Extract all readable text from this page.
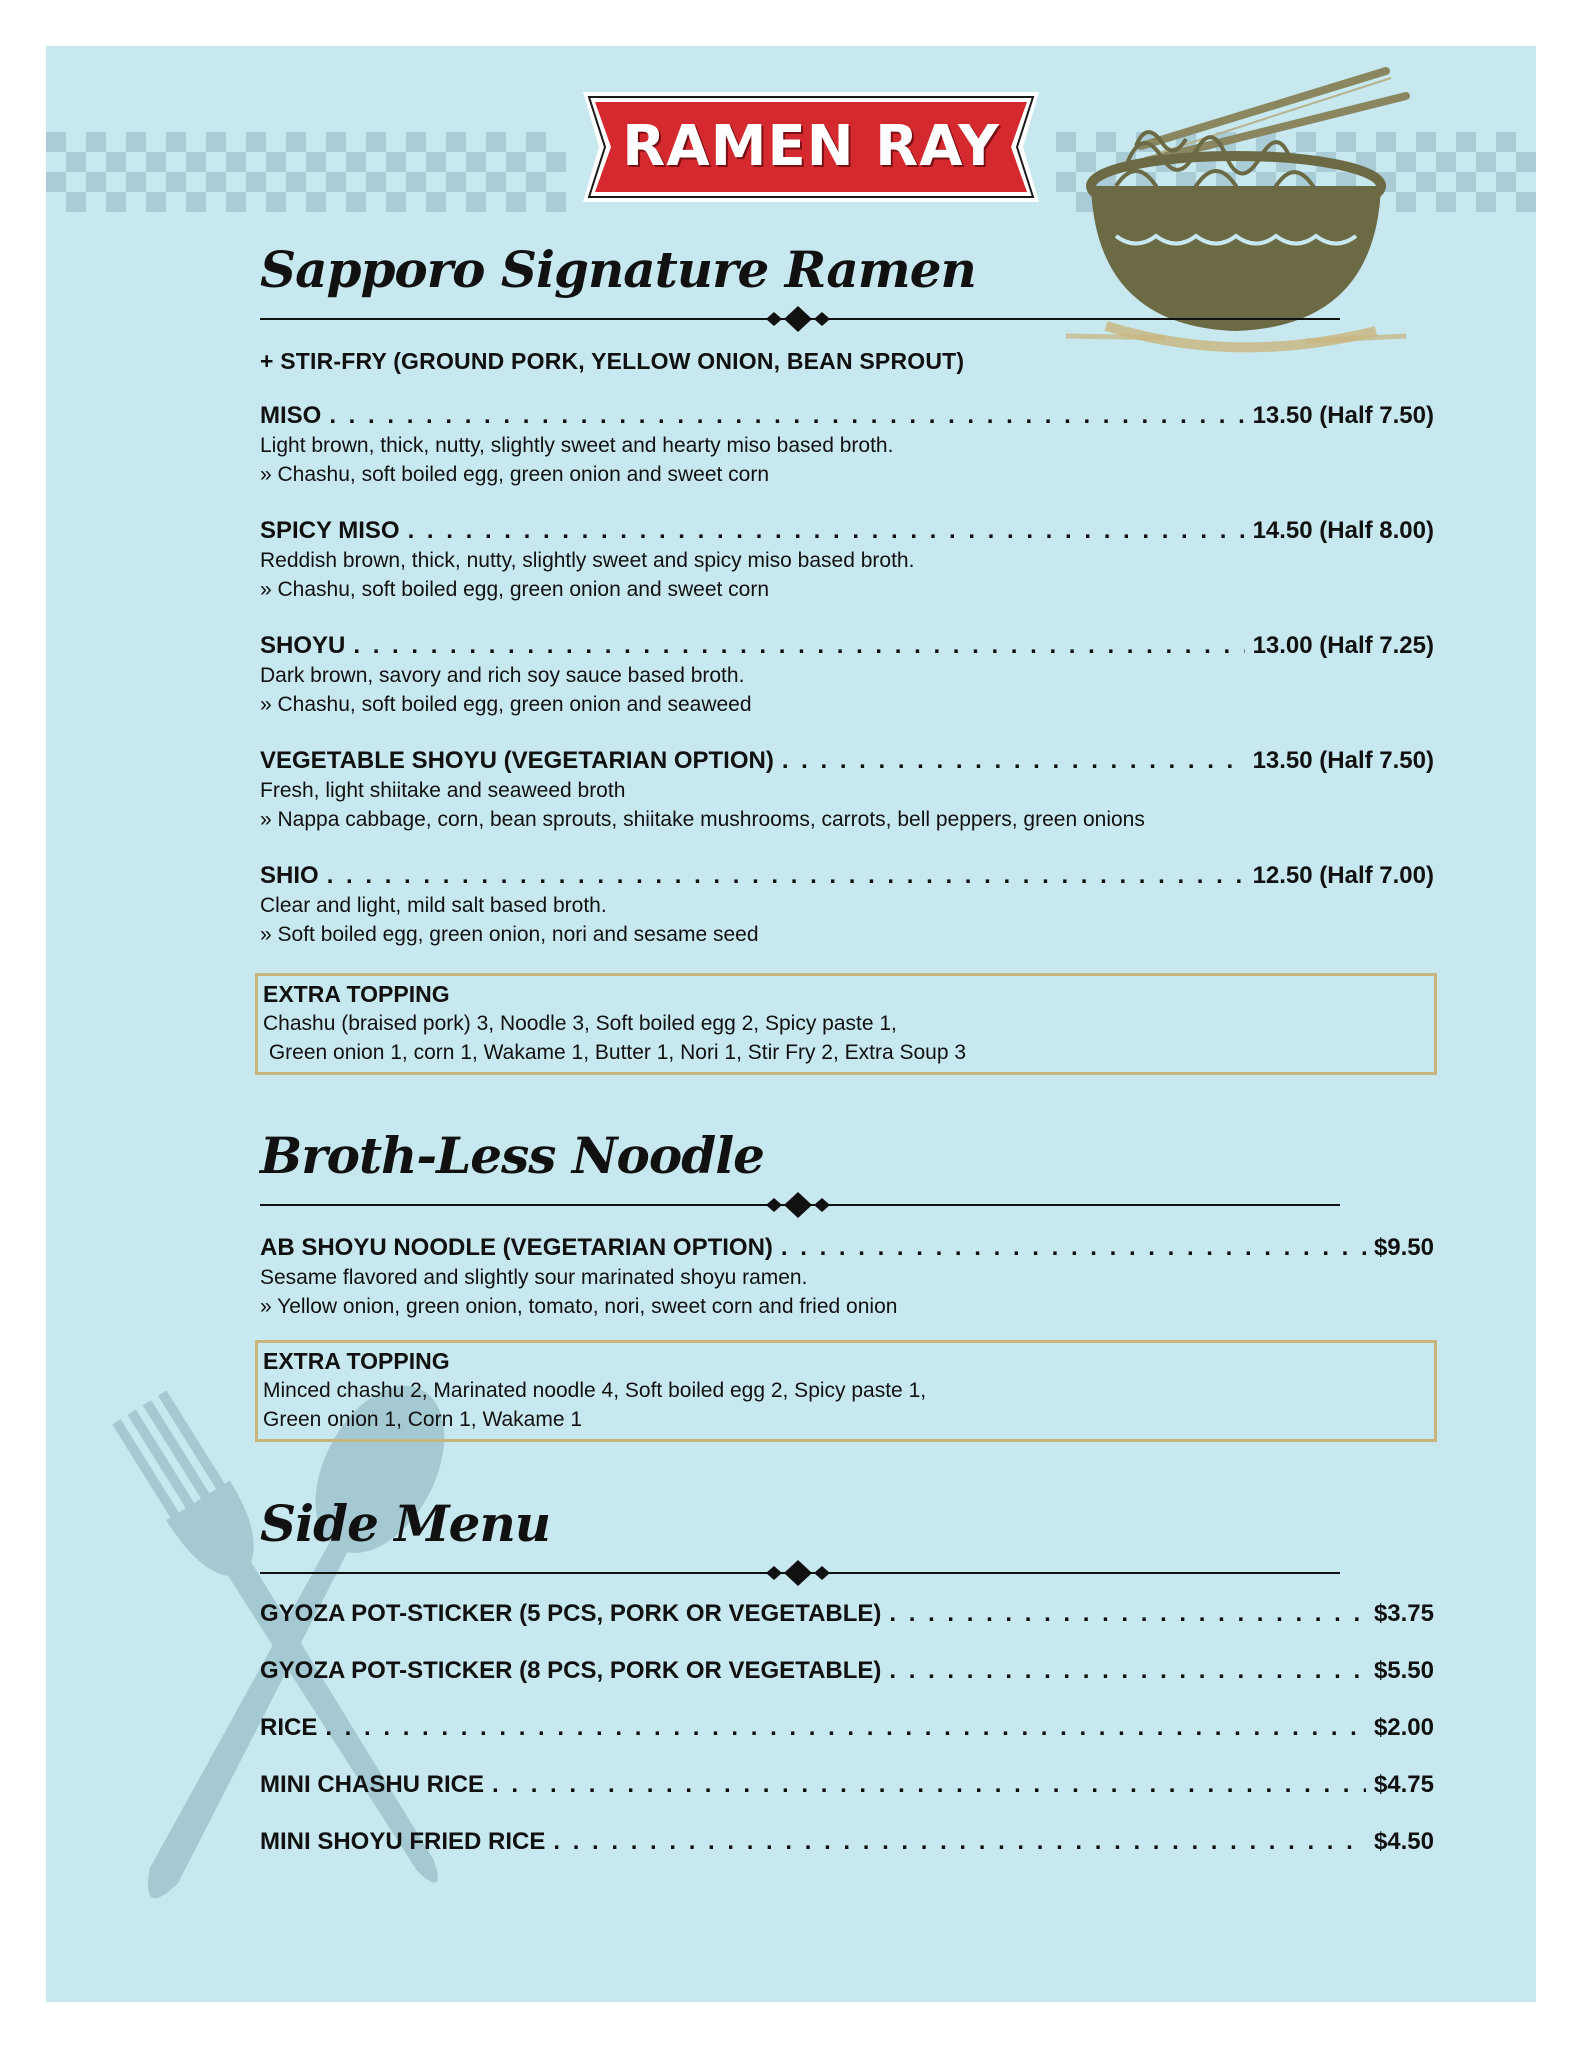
RAMEN RAY
Sapporo Signature Ramen
+ STIR-FRY (GROUND PORK, YELLOW ONION, BEAN SPROUT)
MISO . . .	13.50 (Half 7.50)
Light brown, thick, nutty, slightly sweet and hearty miso based broth.
» Chashu, soft boiled egg, green onion and sweet corn
SPICY MISO . . .	14.50 (Half 8.00)
Reddish brown, thick, nutty, slightly sweet and spicy miso based broth.
» Chashu, soft boiled egg, green onion and sweet corn
SHOYU . . .	13.00 (Half 7.25)
Dark brown, savory and rich soy sauce based broth.
» Chashu, soft boiled egg, green onion and seaweed
VEGETABLE SHOYU (VEGETARIAN OPTION) . . .	13.50 (Half 7.50)
Fresh, light shiitake and seaweed broth
» Nappa cabbage, corn, bean sprouts, shiitake mushrooms, carrots, bell peppers, green onions
SHIO . . .	12.50 (Half 7.00)
Clear and light, mild salt based broth.
» Soft boiled egg, green onion, nori and sesame seed
EXTRA TOPPING
Chashu (braised pork) 3, Noodle 3, Soft boiled egg 2, Spicy paste 1,
Green onion 1, corn 1, Wakame 1, Butter 1, Nori 1, Stir Fry 2, Extra Soup 3
Broth-Less Noodle
AB SHOYU NOODLE (VEGETARIAN OPTION) . . .	$9.50
Sesame flavored and slightly sour marinated shoyu ramen.
» Yellow onion, green onion, tomato, nori, sweet corn and fried onion
EXTRA TOPPING
Minced chashu 2, Marinated noodle 4, Soft boiled egg 2, Spicy paste 1,
Green onion 1, Corn 1, Wakame 1
Side Menu
GYOZA POT-STICKER (5 PCS, PORK OR VEGETABLE) . . .	$3.75
GYOZA POT-STICKER (8 PCS, PORK OR VEGETABLE) . . .	$5.50
RICE . . .	$2.00
MINI CHASHU RICE . . .	$4.75
MINI SHOYU FRIED RICE . . .	$4.50
